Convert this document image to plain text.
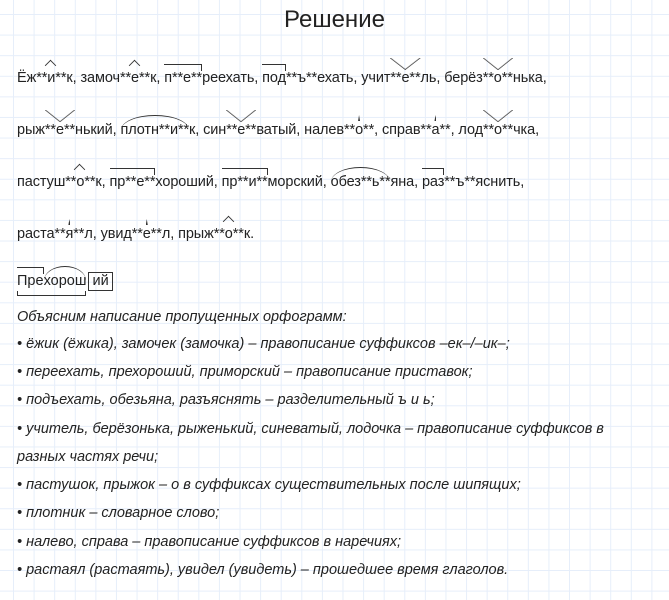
Решение
Ёж**и**к, замоч**е**к, п**е**реехать, под**ъ**ехать, учит**е**ль, берёз**о**нька,
рыж**е**нький, плотн**и**к, син**е**ватый, налев**о**, справ**а**, лод**о**чка,
пастуш**о**к, пр**е**хороший, пр**и**морский, обез**ь**яна, раз**ъ**яснить,
раста**я**л, увид**е**л, прыж**о**к.
Прехорош ий
Объясним написание пропущенных орфограмм:
• ёжик (ёжика), замочек (замочка) – правописание суффиксов –ек–/–ик–;
• переехать, прехороший, приморский – правописание приставок;
• подъехать, обезьяна, разъяснять – разделительный ъ и ь;
• учитель, берёзонька, рыженький, синеватый, лодочка – правописание суффиксов в
разных частях речи;
• пастушок, прыжок – о в суффиксах существительных после шипящих;
• плотник – словарное слово;
• налево, справа – правописание суффиксов в наречиях;
• растаял (растаять), увидел (увидеть) – прошедшее время глаголов.
